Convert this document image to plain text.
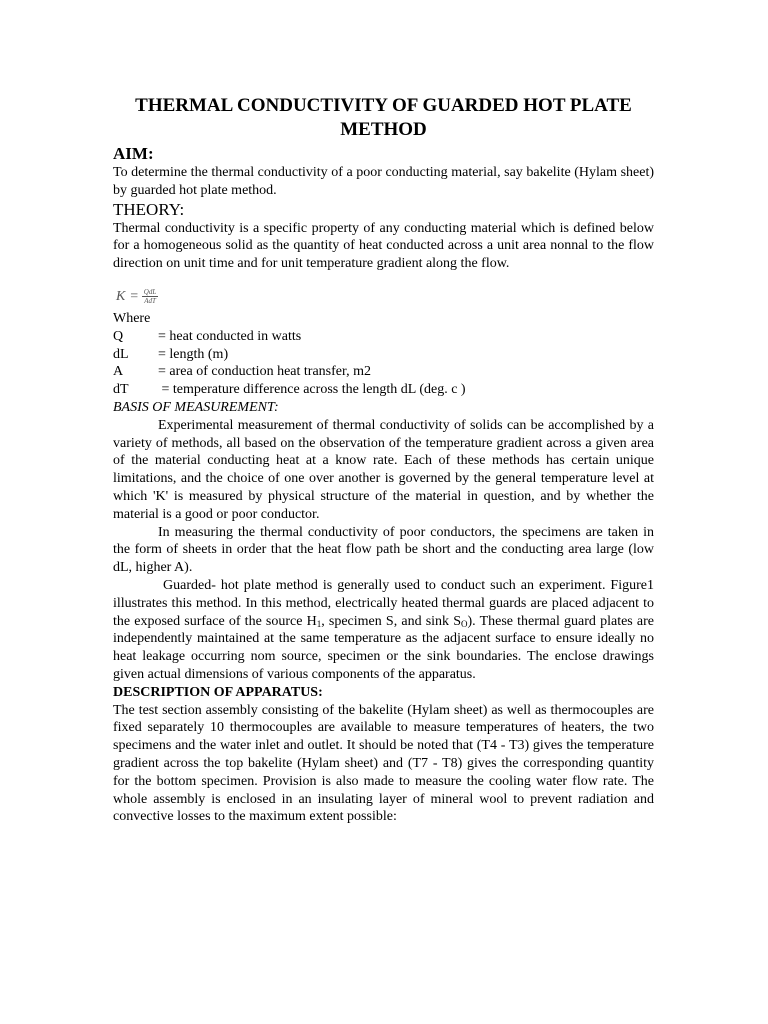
THERMAL CONDUCTIVITY OF GUARDED HOT PLATE METHOD
AIM:

To determine the thermal conductivity of a poor conducting material, say bakelite (Hylam sheet) by guarded hot plate method.

THEORY:

Thermal conductivity is a specific property of any conducting material which is defined below for a homogeneous solid as the quantity of heat conducted across a unit area nonnal to the flow direction on unit time and for unit temperature gradient along the flow.

$K = \frac{\text{QdL}}{\text{AdT}}$
Where
Q	= heat conducted in watts
dL	= length (m)
A	= area of conduction heat transfer, m2
dT	= temperature difference across the length dL (deg. c )
BASIS OF MEASUREMENT:

Experimental measurement of thermal conductivity of solids can be accomplished by a variety of methods, all based on the observation of the temperature gradient across a given area of the material conducting heat at a know rate. Each of these methods has certain unique limitations, and the choice of one over another is governed by the general temperature level at which 'K' is measured by physical structure of the material in question, and by whether the material is a good or poor conductor.

In measuring the thermal conductivity of poor conductors, the specimens are taken in the form of sheets in order that the heat flow path be short and the conducting area large (low dL, higher A).

Guarded- hot plate method is generally used to conduct such an experiment. Figure1 illustrates this method. In this method, electrically heated thermal guards are placed adjacent to the exposed surface of the source $H_1$, specimen S, and sink $S_O$). These thermal guard plates are independently maintained at the same temperature as the adjacent surface to ensure ideally no heat leakage occurring nom source, specimen or the sink boundaries. The enclose drawings given actual dimensions of various components of the apparatus.

DESCRIPTION OF APPARATUS:

The test section assembly consisting of the bakelite (Hylam sheet) as well as thermocouples are fixed separately 10 thermocouples are available to measure temperatures of heaters, the two specimens and the water inlet and outlet. It should be noted that (T4 - T3) gives the temperature gradient across the top bakelite (Hylam sheet) and (T7 - T8) gives the corresponding quantity for the bottom specimen. Provision is also made to measure the cooling water flow rate. The whole assembly is enclosed in an insulating layer of mineral wool to prevent radiation and convective losses to the maximum extent possible:
